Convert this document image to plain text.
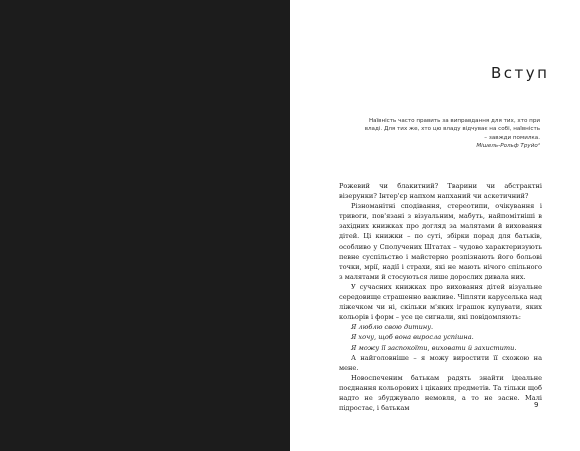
Вступ
Наївність часто править за виправдання для тих, хто при владі. Для тих же, хто цю владу відчуває на собі, наївність – завжди помилка.
Мішель-Рольф Труйо¹

Рожевий чи блакитний? Тварини чи абстрактні візерунки? Інтер'єр напхом напханий чи аскетичний?

Різноманітні сподівання, стереотипи, очікування і тривоги, пов'язані з візуальним, мабуть, найпомітніші в західних книжках про догляд за малятами й виховання дітей. Ці книжки – по суті, збірки порад для батьків, особливо у Сполучених Штатах – чудово характеризують певне суспільство і майстерно розпізнають його больові точки, мрії, надії і страхи, які не мають нічого спільного з малятами й стосуються лише дорослих дивала них.

У сучасних книжках про виховання дітей візуальне середовище страшенно важливе. Чіпляти каруселька над ліжечком чи ні, скільки м'яких іграшок купувати, яких кольорів і форм – усе це сигнали, які повідомляють:

Я люблю свою дитину.

Я хочу, щоб вона виросла успішна.

Я можу її заспокоїти, виховати й захистити.

А найголовніше – я можу виростити її схожою на мене.

Новоспеченим батькам радять знайти ідеальне поєднання кольорових і цікавих предметів. Та тільки щоб надто не збуджувало немовля, а то не засне. Малі підростає, і батькам	9
